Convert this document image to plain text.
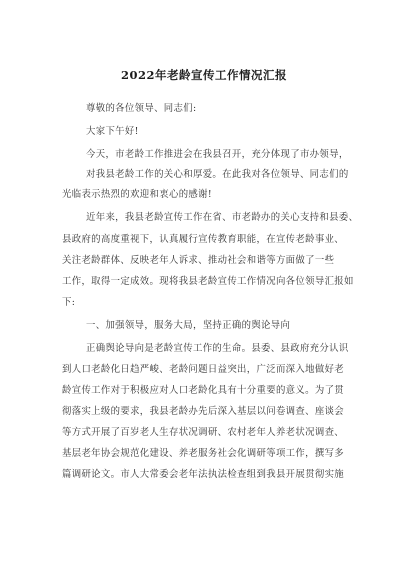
2022年老龄宣传工作情况汇报
尊敬的各位领导、同志们:
大家下午好!
今天，市老龄工作推进会在我县召开，充分体现了市办领导，
对我县老龄工作的关心和厚爱。在此我对各位领导、同志们的
光临表示热烈的欢迎和衷心的感谢!
近年来，我县老龄宣传工作在省、市老龄办的关心支持和县委、
县政府的高度重视下，认真履行宣传教育职能，在宣传老龄事业、
关注老龄群体、反映老年人诉求、推动社会和谐等方面做了一些
工作，取得一定成效。现将我县老龄宣传工作情况向各位领导汇报如
下:
一、加强领导，服务大局，坚持正确的舆论导向
正确舆论导向是老龄宣传工作的生命。县委、县政府充分认识
到人口老龄化日趋严峻、老龄问题日益突出，广泛而深入地做好老
龄宣传工作对于积极应对人口老龄化具有十分重要的意义。为了贯
彻落实上级的要求，我县老龄办先后深入基层以问卷调查、座谈会
等方式开展了百岁老人生存状况调研、农村老年人养老状况调查、
基层老年协会规范化建设、养老服务社会化调研等项工作，撰写多
篇调研论文。市人大常委会老年法执法检查组到我县开展贯彻实施
